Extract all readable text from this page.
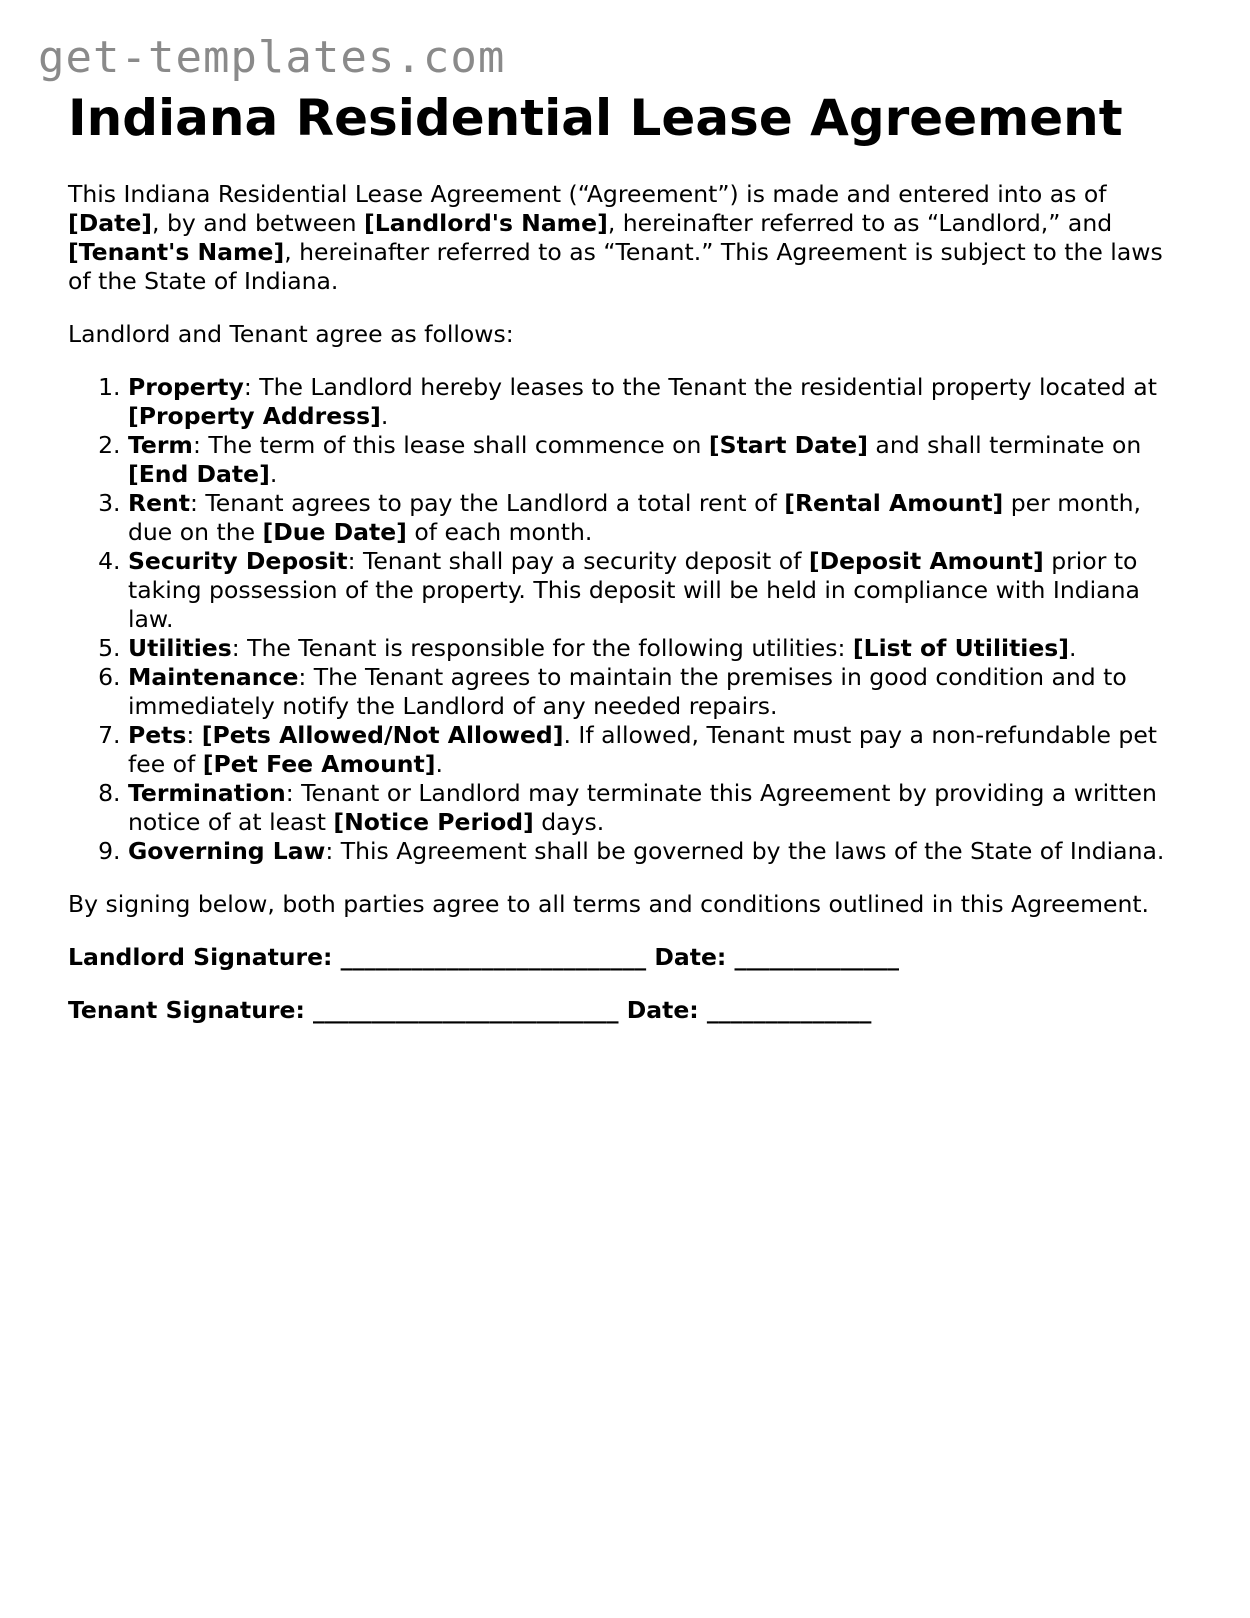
get-templates.com
Indiana Residential Lease Agreement

This Indiana Residential Lease Agreement (“Agreement”) is made and entered into as of [Date], by and between [Landlord's Name], hereinafter referred to as “Landlord,” and [Tenant's Name], hereinafter referred to as “Tenant.” This Agreement is subject to the laws of the State of Indiana.

Landlord and Tenant agree as follows:

1. Property: The Landlord hereby leases to the Tenant the residential property located at [Property Address].
2. Term: The term of this lease shall commence on [Start Date] and shall terminate on [End Date].
3. Rent: Tenant agrees to pay the Landlord a total rent of [Rental Amount] per month, due on the [Due Date] of each month.
4. Security Deposit: Tenant shall pay a security deposit of [Deposit Amount] prior to taking possession of the property. This deposit will be held in compliance with Indiana law.
5. Utilities: The Tenant is responsible for the following utilities: [List of Utilities].
6. Maintenance: The Tenant agrees to maintain the premises in good condition and to immediately notify the Landlord of any needed repairs.
7. Pets: [Pets Allowed/Not Allowed]. If allowed, Tenant must pay a non-refundable pet fee of [Pet Fee Amount].
8. Termination: Tenant or Landlord may terminate this Agreement by providing a written notice of at least [Notice Period] days.
9. Governing Law: This Agreement shall be governed by the laws of the State of Indiana.

By signing below, both parties agree to all terms and conditions outlined in this Agreement.

Landlord Signature: __________________________ Date: ______________

Tenant Signature: __________________________ Date: ______________
